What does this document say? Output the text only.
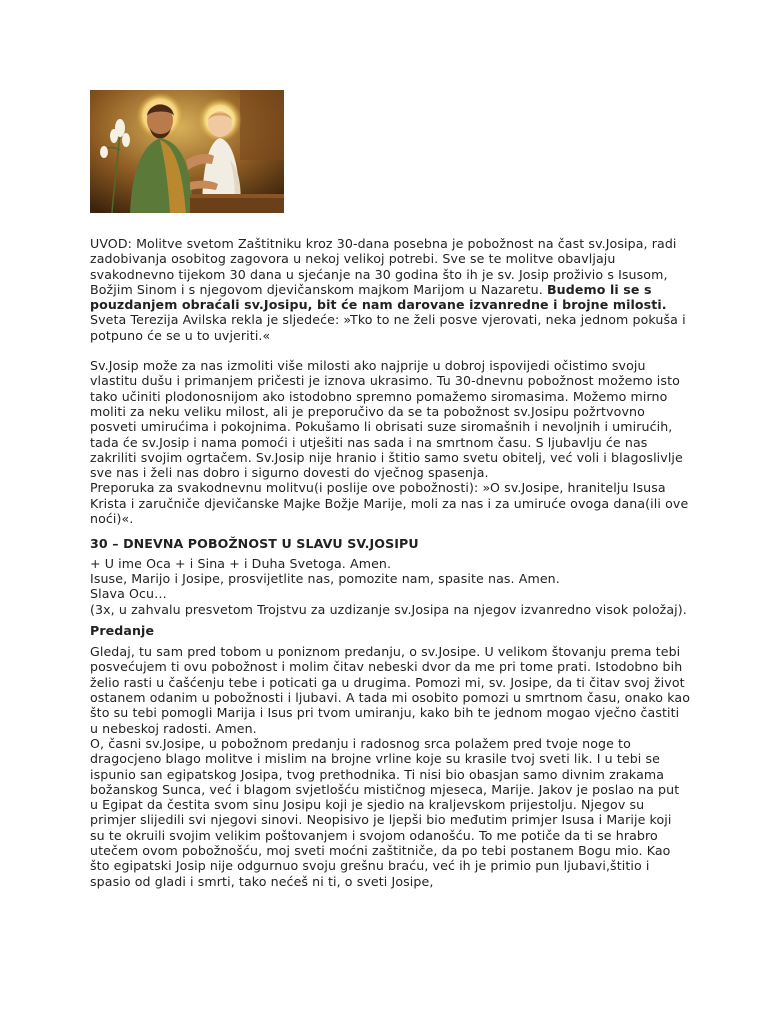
UVOD: Molitve svetom Zaštitniku kroz 30-dana posebna je pobožnost na čast sv.Josipa, radi zadobivanja osobitog zagovora u nekoj velikoj potrebi. Sve se te molitve obavljaju svakodnevno tijekom 30 dana u sjećanje na 30 godina što ih je sv. Josip proživio s Isusom, Božjim Sinom i s njegovom djevičanskom majkom Marijom u Nazaretu. Budemo li se s pouzdanjem obraćali sv.Josipu, bit će nam darovane izvanredne i brojne milosti. Sveta Terezija Avilska rekla je sljedeće: »Tko to ne želi posve vjerovati, neka jednom pokuša i potpuno će se u to uvjeriti.«

Sv.Josip može za nas izmoliti više milosti ako najprije u dobroj ispovijedi očistimo svoju vlastitu dušu i primanjem pričesti je iznova ukrasimo. Tu 30-dnevnu pobožnost možemo isto tako učiniti plodonosnijom ako istodobno spremno pomažemo siromasima. Možemo mirno moliti za neku veliku milost, ali je preporučivo da se ta pobožnost sv.Josipu požrtvovno posveti umirućima i pokojnima. Pokušamo li obrisati suze siromašnih i nevoljnih i umirućih, tada će sv.Josip i nama pomoći i utješiti nas sada i na smrtnom času. S ljubavlju će nas zakriliti svojim ogrtačem. Sv.Josip nije hranio i štitio samo svetu obitelj, već voli i blagoslivlje sve nas i želi nas dobro i sigurno dovesti do vječnog spasenja.

Preporuka za svakodnevnu molitvu(i poslije ove pobožnosti): »O sv.Josipe, hranitelju Isusa Krista i zaručniče djevičanske Majke Božje Marije, moli za nas i za umiruće ovoga dana(ili ove noći)«.

30 – DNEVNA POBOŽNOST U SLAVU SV.JOSIPU

+ U ime Oca + i Sina + i Duha Svetoga. Amen.

Isuse, Marijo i Josipe, prosvijetlite nas, pomozite nam, spasite nas. Amen.

Slava Ocu…

(3x, u zahvalu presvetom Trojstvu za uzdizanje sv.Josipa na njegov izvanredno visok položaj).

Predanje

Gledaj, tu sam pred tobom u poniznom predanju, o sv.Josipe. U velikom štovanju prema tebi posvećujem ti ovu pobožnost i molim čitav nebeski dvor da me pri tome prati. Istodobno bih želio rasti u čašćenju tebe i poticati ga u drugima. Pomozi mi, sv. Josipe, da ti čitav svoj život ostanem odanim u pobožnosti i ljubavi. A tada mi osobito pomozi u smrtnom času, onako kao što su tebi pomogli Marija i Isus pri tvom umiranju, kako bih te jednom mogao vječno častiti u nebeskoj radosti. Amen.

O, časni sv.Josipe, u pobožnom predanju i radosnog srca polažem pred tvoje noge to dragocjeno blago molitve i mislim na brojne vrline koje su krasile tvoj sveti lik. I u tebi se ispunio san egipatskog Josipa, tvog prethodnika. Ti nisi bio obasjan samo divnim zrakama božanskog Sunca, već i blagom svjetlošću mističnog mjeseca, Marije. Jakov je poslao na put u Egipat da čestita svom sinu Josipu koji je sjedio na kraljevskom prijestolju. Njegov su primjer slijedili svi njegovi sinovi. Neopisivo je ljepši bio međutim primjer Isusa i Marije koji su te okruili svojim velikim poštovanjem i svojom odanošću. To me potiče da ti se hrabro utečem ovom pobožnošću, moj sveti moćni zaštitniče, da po tebi postanem Bogu mio. Kao što egipatski Josip nije odgurnuo svoju grešnu braću, već ih je primio pun ljubavi,štitio i spasio od gladi i smrti, tako nećeš ni ti, o sveti Josipe,
